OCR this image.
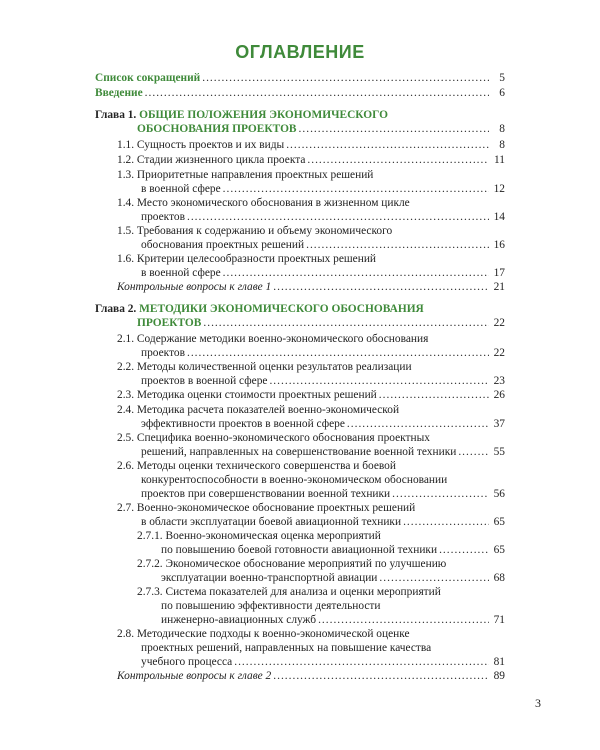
ОГЛАВЛЕНИЕ
Список сокращений .....	5
Введение .....	6
Глава 1. ОБЩИЕ ПОЛОЖЕНИЯ ЭКОНОМИЧЕСКОГО
ОБОСНОВАНИЯ ПРОЕКТОВ .....	8
1.1. Сущность проектов и их виды .....	8
1.2. Стадии жизненного цикла проекта .....	11
1.3. Приоритетные направления проектных решений
в военной сфере .....	12
1.4. Место экономического обоснования в жизненном цикле
проектов .....	14
1.5. Требования к содержанию и объему экономического
обоснования проектных решений .....	16
1.6. Критерии целесообразности проектных решений
в военной сфере .....	17
Контрольные вопросы к главе 1 .....	21
Глава 2. МЕТОДИКИ ЭКОНОМИЧЕСКОГО ОБОСНОВАНИЯ
ПРОЕКТОВ .....	22
2.1. Содержание методики военно-экономического обоснования
проектов .....	22
2.2. Методы количественной оценки результатов реализации
проектов в военной сфере .....	23
2.3. Методика оценки стоимости проектных решений .....	26
2.4. Методика расчета показателей военно-экономической
эффективности проектов в военной сфере .....	37
2.5. Специфика военно-экономического обоснования проектных
решений, направленных на совершенствование военной техники .....	55
2.6. Методы оценки технического совершенства и боевой
конкурентоспособности в военно-экономическом обосновании
проектов при совершенствовании военной техники .....	56
2.7. Военно-экономическое обоснование проектных решений
в области эксплуатации боевой авиационной техники .....	65
2.7.1. Военно-экономическая оценка мероприятий
по повышению боевой готовности авиационной техники .....	65
2.7.2. Экономическое обоснование мероприятий по улучшению
эксплуатации военно-транспортной авиации .....	68
2.7.3. Система показателей для анализа и оценки мероприятий
по повышению эффективности деятельности
инженерно-авиационных служб .....	71
2.8. Методические подходы к военно-экономической оценке
проектных решений, направленных на повышение качества
учебного процесса .....	81
Контрольные вопросы к главе 2 .....	89
3
